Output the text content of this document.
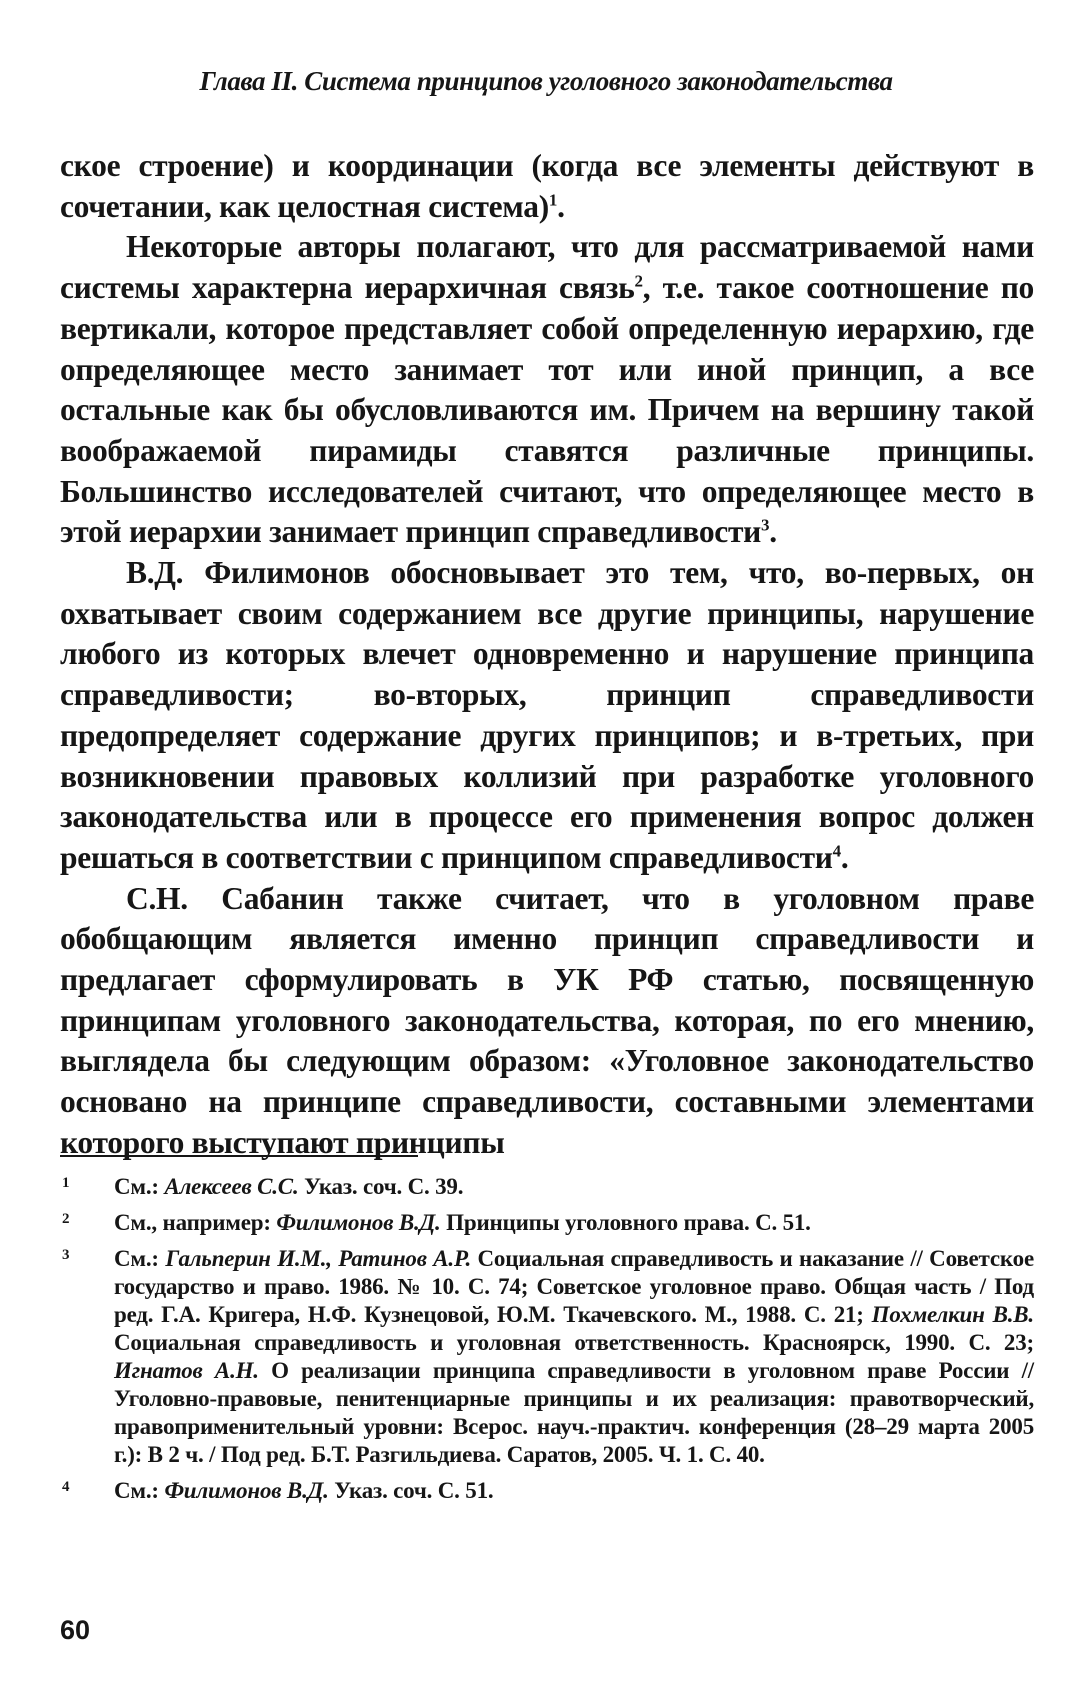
Глава II. Система принципов уголовного законодательства

ское строение) и координации (когда все элементы действуют в сочетании, как целостная система)$^1$.

Некоторые авторы полагают, что для рассматриваемой нами системы характерна иерархичная связь$^2$, т.е. такое соотношение по вертикали, которое представляет собой определенную иерархию, где определяющее место занимает тот или иной принцип, а все остальные как бы обусловливаются им. Причем на вершину такой воображаемой пирамиды ставятся различные принципы. Большинство исследователей считают, что определяющее место в этой иерархии занимает принцип справедливости$^3$.

В.Д. Филимонов обосновывает это тем, что, во-первых, он охватывает своим содержанием все другие принципы, нарушение любого из которых влечет одновременно и нарушение принципа справедливости; во-вторых, принцип справедливости предопределяет содержание других принципов; и в-третьих, при возникновении правовых коллизий при разработке уголовного законодательства или в процессе его применения вопрос должен решаться в соответствии с принципом справедливости$^4$.

С.Н. Сабанин также считает, что в уголовном праве обобщающим является именно принцип справедливости и предлагает сформулировать в УК РФ статью, посвященную принципам уголовного законодательства, которая, по его мнению, выглядела бы следующим образом: «Уголовное законодательство основано на принципе справедливости, составными элементами которого выступают принципы

1	См.: Алексеев С.С. Указ. соч. С. 39.
2	См., например: Филимонов В.Д. Принципы уголовного права. С. 51.
3	См.: Гальперин И.М., Ратинов А.Р. Социальная справедливость и наказание // Советское государство и право. 1986. № 10. С. 74; Советское уголовное право. Общая часть / Под ред. Г.А. Кригера, Н.Ф. Кузнецовой, Ю.М. Ткачевского. М., 1988. С. 21; Похмелкин В.В. Социальная справедливость и уголовная ответственность. Красноярск, 1990. С. 23; Игнатов А.Н. О реализации принципа справедливости в уголовном праве России // Уголовно-правовые, пенитенциарные принципы и их реализация: правотворческий, правоприменительный уровни: Всерос. науч.-практич. конференция (28–29 марта 2005 г.): В 2 ч. / Под ред. Б.Т. Разгильдиева. Саратов, 2005. Ч. 1. С. 40.
4	См.: Филимонов В.Д. Указ. соч. С. 51.
60
